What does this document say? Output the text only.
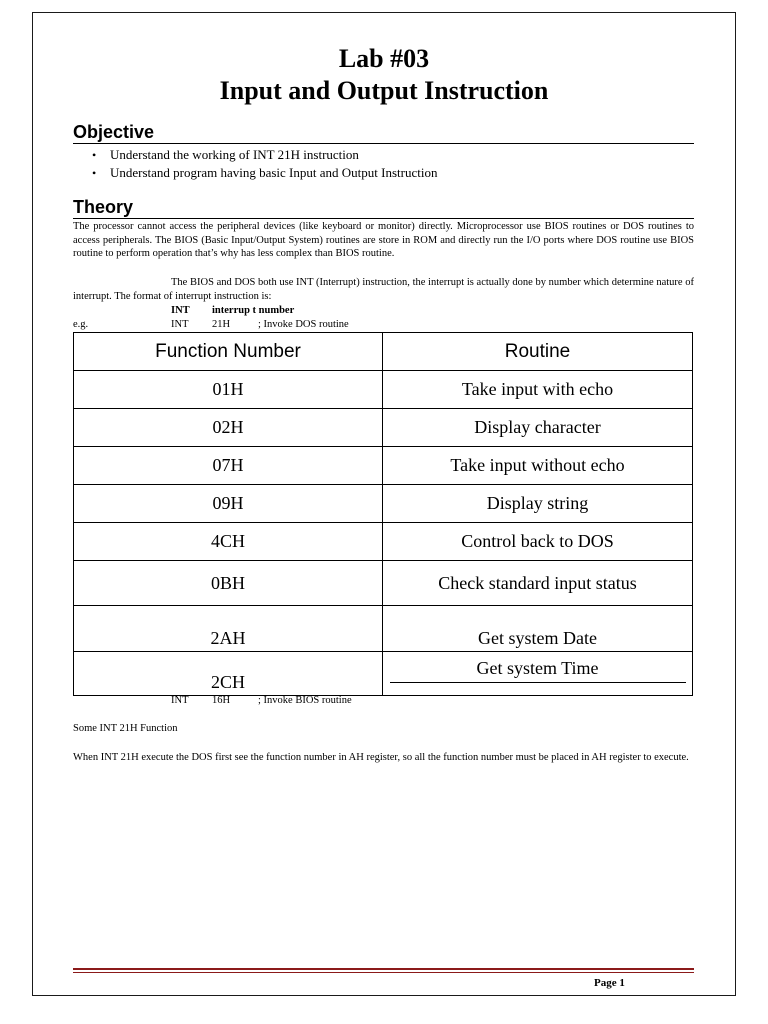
Lab #03
Input and Output Instruction
Objective
• Understand the working of INT 21H instruction
• Understand program having basic Input and Output Instruction
Theory
The processor cannot access the peripheral devices (like keyboard or monitor) directly. Microprocessor use BIOS routines or DOS routines to access peripherals. The BIOS (Basic Input/Output System) routines are store in ROM and directly run the I/O ports where DOS routine use BIOS routine to perform operation that’s why has less complex than BIOS routine.
The BIOS and DOS both use INT (Interrupt) instruction, the interrupt is actually done by number which determine nature of interrupt. The format of interrupt instruction is:
INT interrup t number
e.g.	INT 21H	; Invoke DOS routine
Function Number	Routine
01H	Take input with echo
02H	Display character
07H	Take input without echo
09H	Display string
4CH	Control back to DOS
0BH	Check standard input status
2AH	Get system Date
2CH	Get system Time
INT 16H	; Invoke BIOS routine
Some INT 21H Function
When INT 21H execute the DOS first see the function number in AH register, so all the function number must be placed in AH register to execute.
Page 1
